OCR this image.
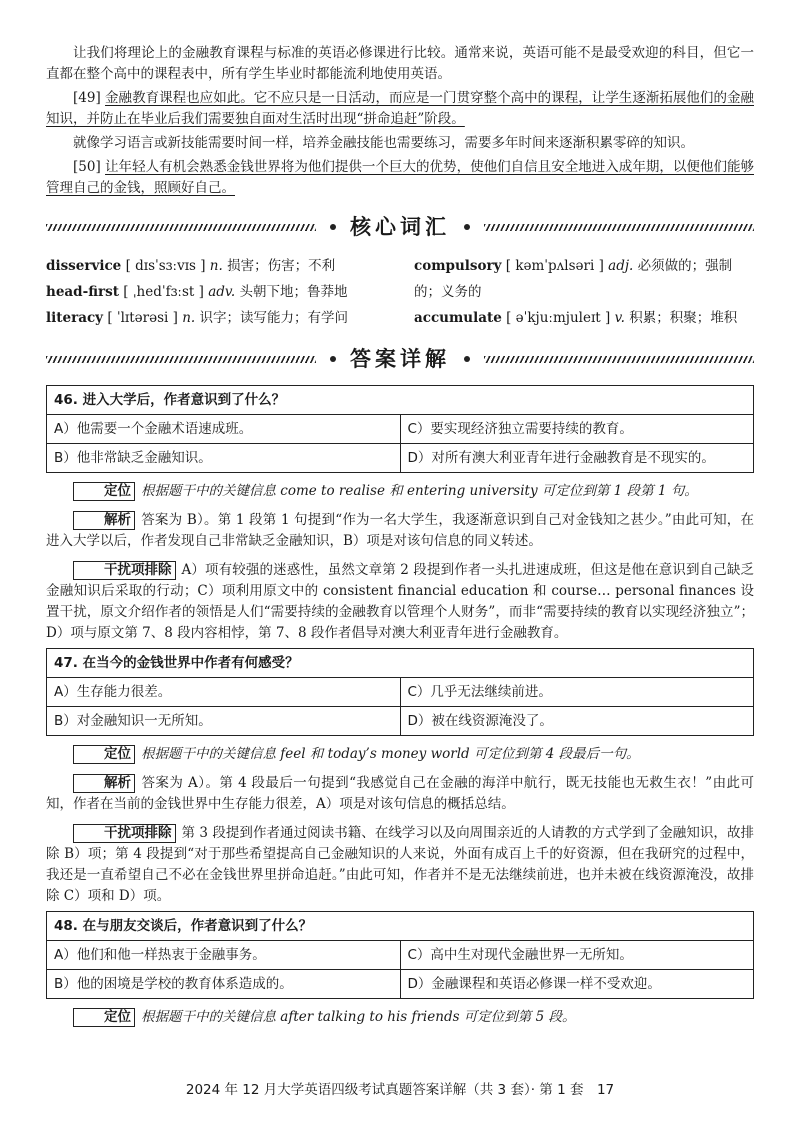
让我们将理论上的金融教育课程与标准的英语必修课进行比较。通常来说，英语可能不是最受欢迎的科目，但它一直都在整个高中的课程表中，所有学生毕业时都能流利地使用英语。

[49] 金融教育课程也应如此。它不应只是一日活动，而应是一门贯穿整个高中的课程，让学生逐渐拓展他们的金融知识，并防止在毕业后我们需要独自面对生活时出现“拼命追赶”阶段。

就像学习语言或新技能需要时间一样，培养金融技能也需要练习，需要多年时间来逐渐积累零碎的知识。

[50] 让年轻人有机会熟悉金钱世界将为他们提供一个巨大的优势，使他们自信且安全地进入成年期，以便他们能够管理自己的金钱，照顾好自己。

核心词汇
disservice [ dɪsˈsɜːvɪs ] n. 损害；伤害；不利
head-first [ ˌhedˈfɜːst ] adv. 头朝下地；鲁莽地
literacy [ ˈlɪtərəsi ] n. 识字；读写能力；有学问
compulsory [ kəmˈpʌlsəri ] adj. 必须做的；强制的；义务的
accumulate [ əˈkjuːmjuleɪt ] v. 积累；积聚；堆积
答案详解
46. 进入大学后，作者意识到了什么？	
A）他需要一个金融术语速成班。	C）要实现经济独立需要持续的教育。
B）他非常缺乏金融知识。	D）对所有澳大利亚青年进行金融教育是不现实的。

定位 根据题干中的关键信息 come to realise 和 entering university 可定位到第 1 段第 1 句。

解析 答案为 B）。第 1 段第 1 句提到“作为一名大学生，我逐渐意识到自己对金钱知之甚少。”由此可知，在进入大学以后，作者发现自己非常缺乏金融知识，B）项是对该句信息的同义转述。

干扰项排除 A）项有较强的迷惑性，虽然文章第 2 段提到作者一头扎进速成班，但这是他在意识到自己缺乏金融知识后采取的行动；C）项利用原文中的 consistent financial education 和 course… personal finances 设置干扰，原文介绍作者的领悟是人们“需要持续的金融教育以管理个人财务”，而非“需要持续的教育以实现经济独立”；D）项与原文第 7、8 段内容相悖，第 7、8 段作者倡导对澳大利亚青年进行金融教育。

47. 在当今的金钱世界中作者有何感受？	
A）生存能力很差。	C）几乎无法继续前进。
B）对金融知识一无所知。	D）被在线资源淹没了。

定位 根据题干中的关键信息 feel 和 today’s money world 可定位到第 4 段最后一句。

解析 答案为 A）。第 4 段最后一句提到“我感觉自己在金融的海洋中航行，既无技能也无救生衣！”由此可知，作者在当前的金钱世界中生存能力很差，A）项是对该句信息的概括总结。

干扰项排除 第 3 段提到作者通过阅读书籍、在线学习以及向周围亲近的人请教的方式学到了金融知识，故排除 B）项；第 4 段提到“对于那些希望提高自己金融知识的人来说，外面有成百上千的好资源，但在我研究的过程中，我还是一直希望自己不必在金钱世界里拼命追赶。”由此可知，作者并不是无法继续前进，也并未被在线资源淹没，故排除 C）项和 D）项。

48. 在与朋友交谈后，作者意识到了什么？	
A）他们和他一样热衷于金融事务。	C）高中生对现代金融世界一无所知。
B）他的困境是学校的教育体系造成的。	D）金融课程和英语必修课一样不受欢迎。

定位 根据题干中的关键信息 after talking to his friends 可定位到第 5 段。

2024 年 12 月大学英语四级考试真题答案详解（共 3 套）· 第 1 套　17
